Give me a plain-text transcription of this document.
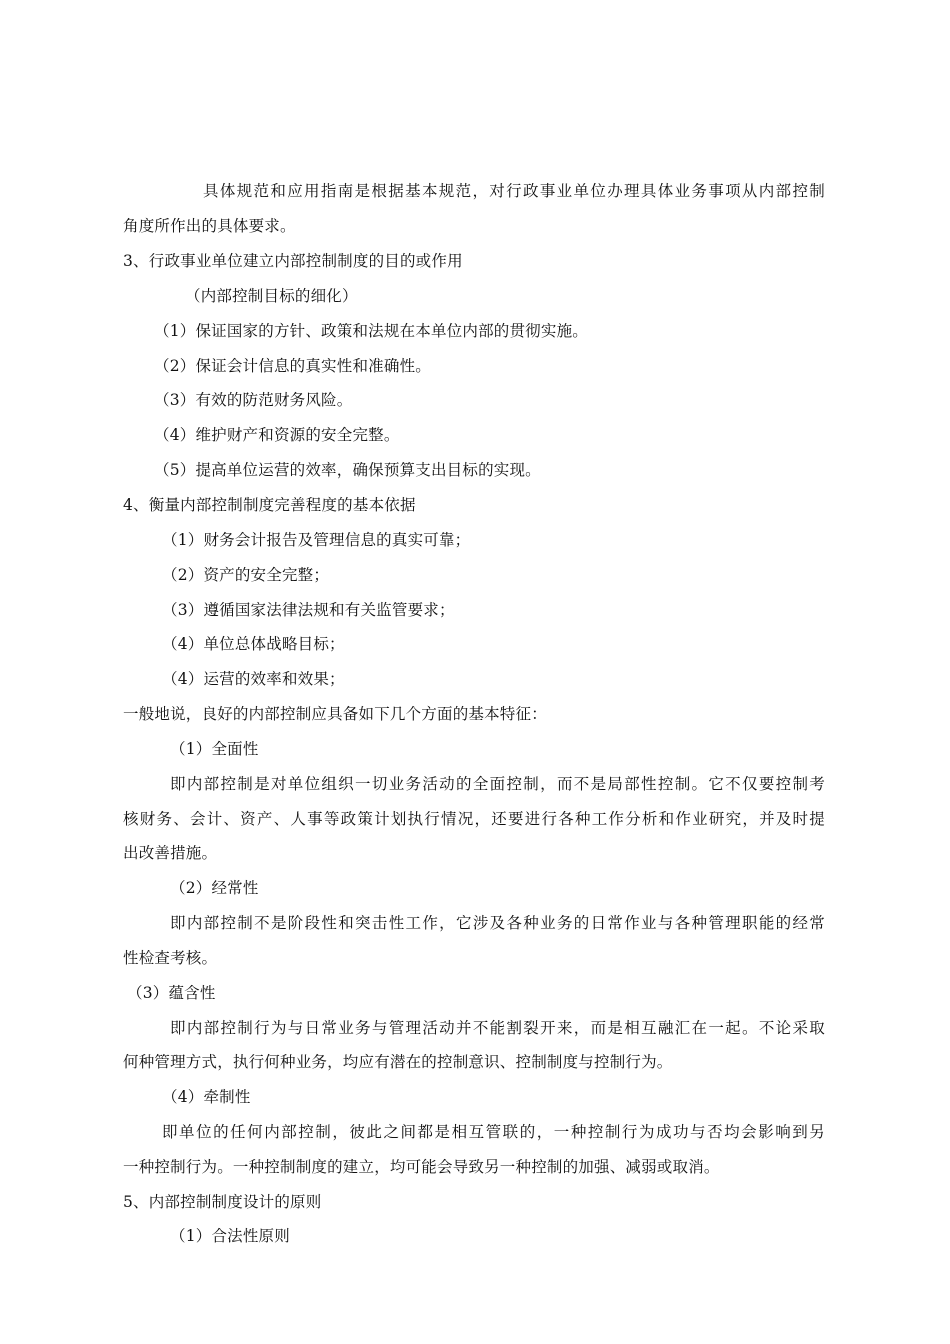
具体规范和应用指南是根据基本规范，对行政事业单位办理具体业务事项从内部控制
角度所作出的具体要求。
3、行政事业单位建立内部控制制度的目的或作用
（内部控制目标的细化）
（1）保证国家的方针、政策和法规在本单位内部的贯彻实施。
（2）保证会计信息的真实性和准确性。
（3）有效的防范财务风险。
（4）维护财产和资源的安全完整。
（5）提高单位运营的效率，确保预算支出目标的实现。
4、衡量内部控制制度完善程度的基本依据
（1）财务会计报告及管理信息的真实可靠；
（2）资产的安全完整；
（3）遵循国家法律法规和有关监管要求；
（4）单位总体战略目标；
（4）运营的效率和效果；
一般地说，良好的内部控制应具备如下几个方面的基本特征：
（1）全面性
即内部控制是对单位组织一切业务活动的全面控制，而不是局部性控制。它不仅要控制考
核财务、会计、资产、人事等政策计划执行情况，还要进行各种工作分析和作业研究，并及时提
出改善措施。
（2）经常性
即内部控制不是阶段性和突击性工作，它涉及各种业务的日常作业与各种管理职能的经常
性检查考核。
（3）蕴含性
即内部控制行为与日常业务与管理活动并不能割裂开来，而是相互融汇在一起。不论采取
何种管理方式，执行何种业务，均应有潜在的控制意识、控制制度与控制行为。
（4）牵制性
即单位的任何内部控制，彼此之间都是相互管联的，一种控制行为成功与否均会影响到另
一种控制行为。一种控制制度的建立，均可能会导致另一种控制的加强、减弱或取消。
5、内部控制制度设计的原则
（1）合法性原则
